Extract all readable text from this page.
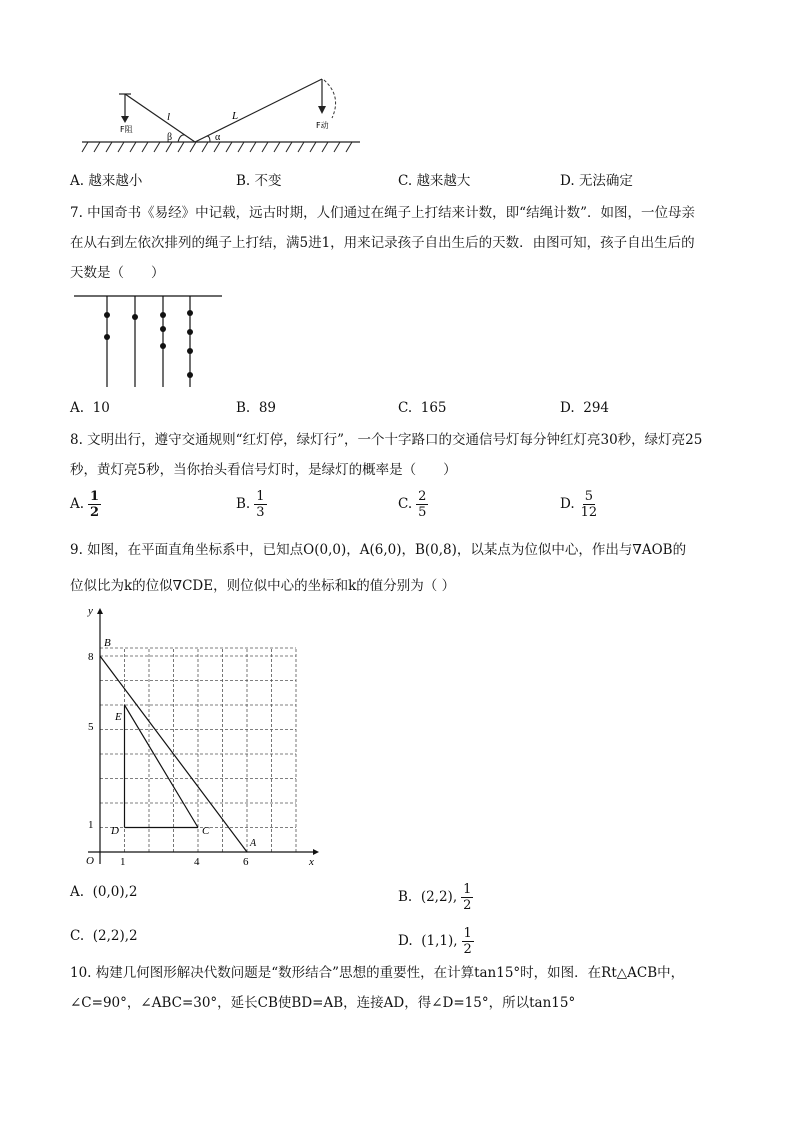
l	L
β	α
F阻	F动
A. 越来越小	B. 不变	C. 越来越大	D. 无法确定
7. 中国奇书《易经》中记载，远古时期，人们通过在绳子上打结来计数，即“结绳计数”．如图，一位母亲
在从右到左依次排列的绳子上打结，满5进1，用来记录孩子自出生后的天数．由图可知，孩子自出生后的
天数是（　　）
A. 10	B. 89	C. 165	D. 294
8. 文明出行，遵守交通规则“红灯停，绿灯行”，一个十字路口的交通信号灯每分钟红灯亮30秒，绿灯亮25
秒，黄灯亮5秒，当你抬头看信号灯时，是绿灯的概率是（　　）
A. $\frac{1}{2}$	B. $\frac{1}{3}$	C. $\frac{2}{5}$	D. $\frac{5}{12}$
9. 如图，在平面直角坐标系中，已知点O(0,0)，A(6,0)，B(0,8)，以某点为位似中心，作出与∇AOB的
位似比为k的位似∇CDE，则位似中心的坐标和k的值分别为（ ）
y
x
O
8
5
1
1	4	6
B
E
D	C
A
A. (0,0),2	B. (2,2), $\frac{1}{2}$
C. (2,2),2	D. (1,1), $\frac{1}{2}$
10. 构建几何图形解决代数问题是“数形结合”思想的重要性，在计算tan15°时，如图．在Rt△ACB中，
∠C=90°，∠ABC=30°，延长CB使BD=AB，连接AD，得∠D=15°，所以tan15°
